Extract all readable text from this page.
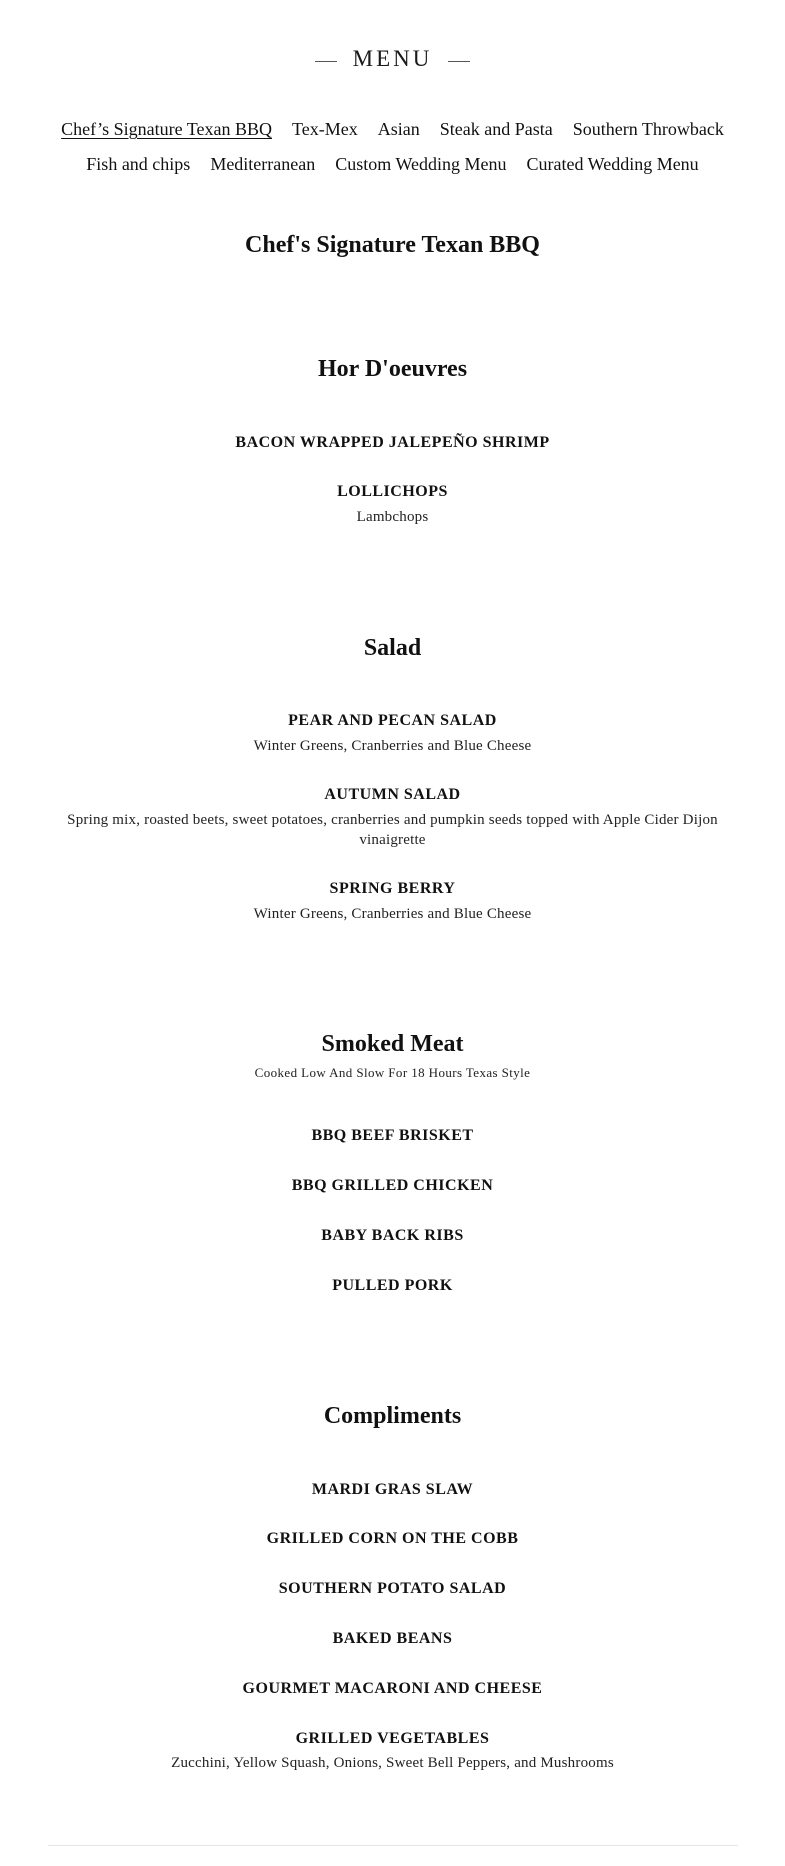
MENU
Chef’s Signature Texan BBQ	Tex-Mex	Asian	Steak and Pasta	Southern Throwback
Fish and chips	Mediterranean	Custom Wedding Menu	Curated Wedding Menu
Chef's Signature Texan BBQ
Hor D'oeuvres
BACON WRAPPED JALEPEÑO SHRIMP
LOLLICHOPS
Lambchops
Salad
PEAR AND PECAN SALAD
Winter Greens, Cranberries and Blue Cheese
AUTUMN SALAD
Spring mix, roasted beets, sweet potatoes, cranberries and pumpkin seeds topped with Apple Cider Dijon vinaigrette
SPRING BERRY
Winter Greens, Cranberries and Blue Cheese
Smoked Meat
Cooked Low And Slow For 18 Hours Texas Style
BBQ BEEF BRISKET
BBQ GRILLED CHICKEN
BABY BACK RIBS
PULLED PORK
Compliments
MARDI GRAS SLAW
GRILLED CORN ON THE COBB
SOUTHERN POTATO SALAD
BAKED BEANS
GOURMET MACARONI AND CHEESE
GRILLED VEGETABLES
Zucchini, Yellow Squash, Onions, Sweet Bell Peppers, and Mushrooms
